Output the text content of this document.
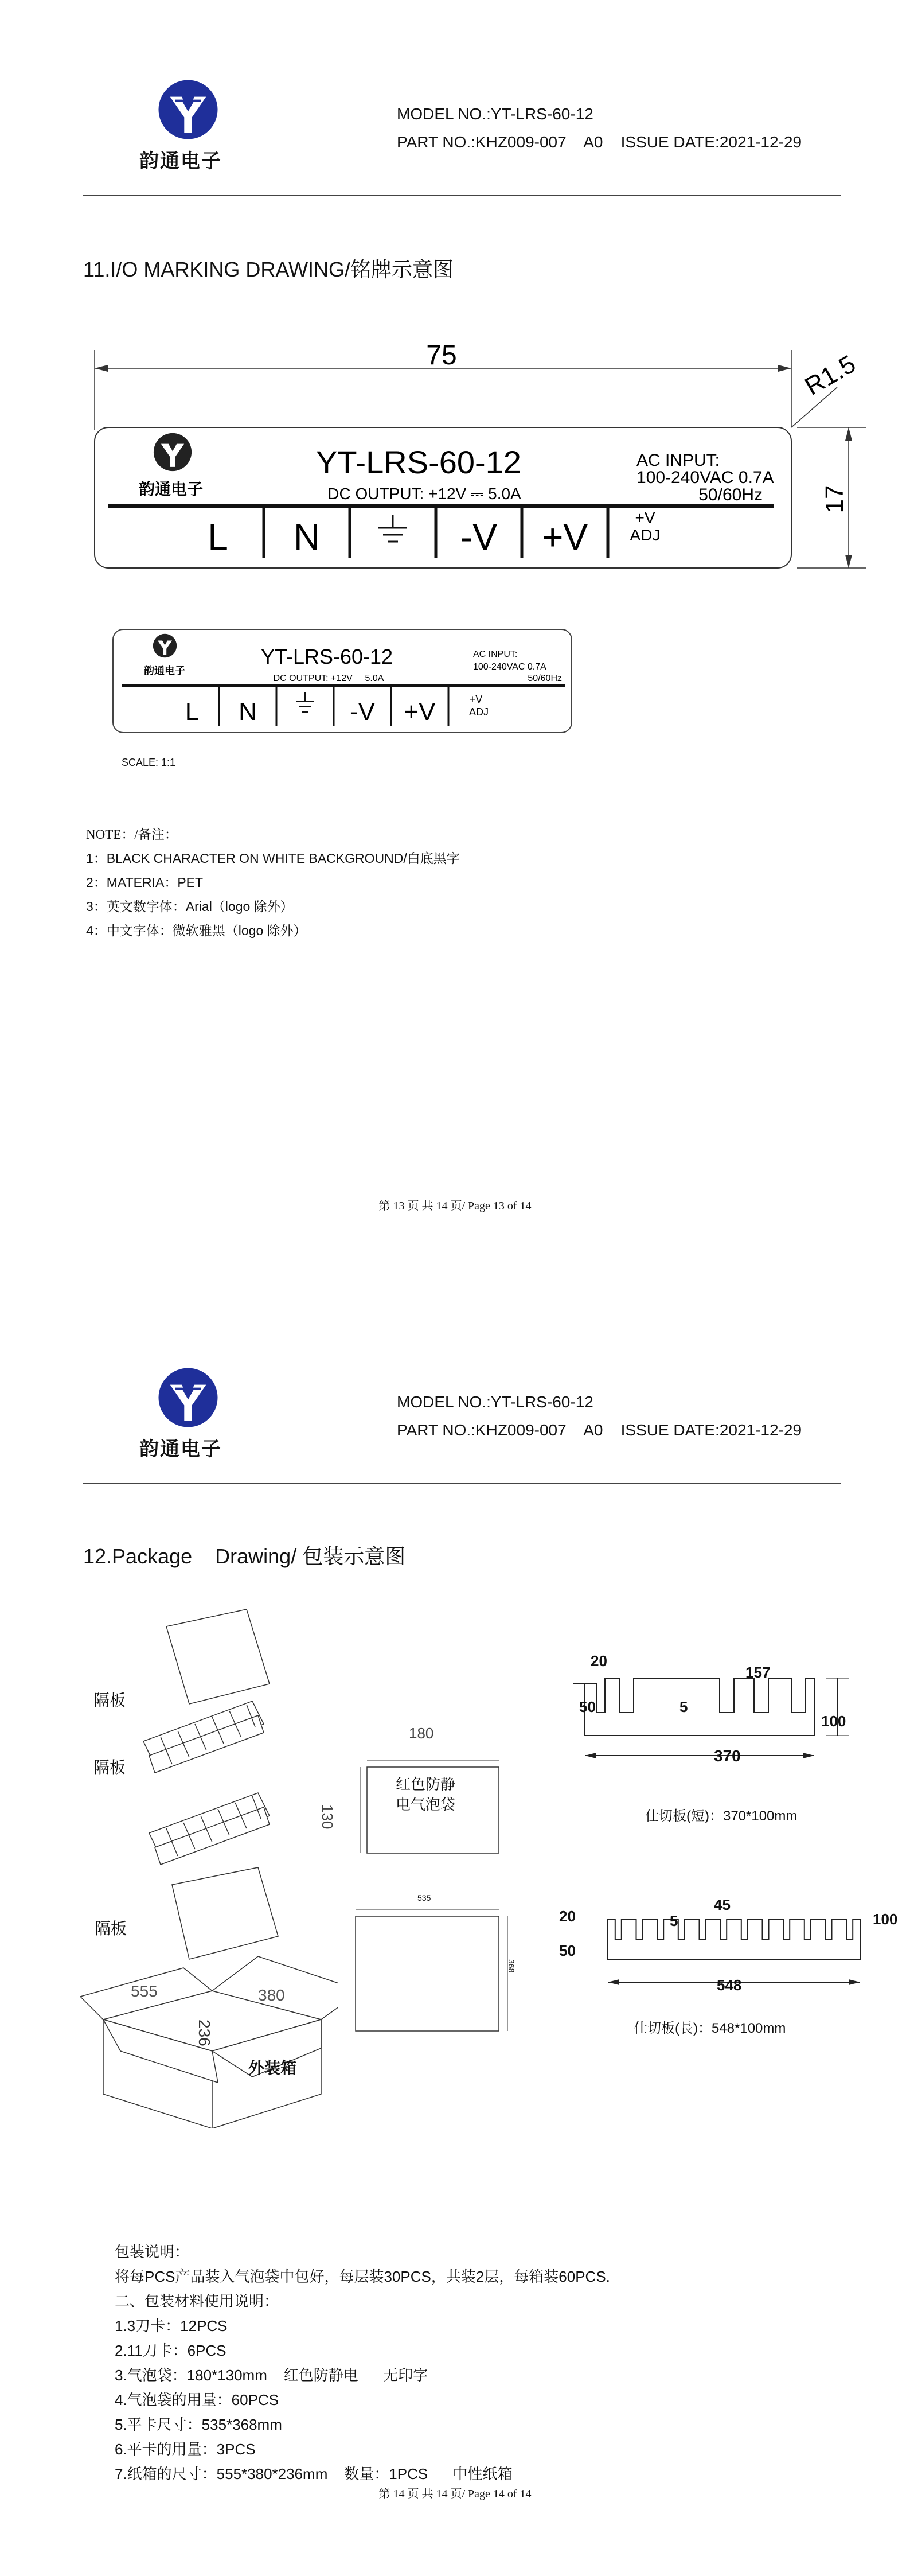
韵通电子
MODEL NO.:YT-LRS-60-12
PART NO.:KHZ009-007    A0    ISSUE DATE:2021-12-29
11.I/O MARKING DRAWING/铭牌示意图
75	R1.5
17
韵通电子
YT-LRS-60-12
DC OUTPUT: +12V ⎓ 5.0A
AC INPUT:
100-240VAC 0.7A
50/60Hz
L N	-V +V	+V
ADJ
韵通电子
YT-LRS-60-12
DC OUTPUT: +12V ⎓ 5.0A
AC INPUT:
100-240VAC 0.7A
50/60Hz
L N	-V +V	+V
ADJ
SCALE: 1:1
NOTE：/备注：
1：BLACK CHARACTER ON WHITE BACKGROUND/白底黑字
2：MATERIA：PET
3：英文数字体：Arial（logo 除外）
4：中文字体：微软雅黑（logo 除外）
第 13 页 共 14 页/ Page 13 of 14
韵通电子
MODEL NO.:YT-LRS-60-12
PART NO.:KHZ009-007    A0    ISSUE DATE:2021-12-29
12.Package    Drawing/ 包装示意图
隔板
隔板
隔板
555	380
236
外装箱
180
130
红色防静
电气泡袋
535
368
20
50	5
157
100
370
仕切板(短)：370*100mm
20	5
45
100
50
548
仕切板(長)：548*100mm
包装说明：
将每PCS产品装入气泡袋中包好，每层装30PCS，共装2层，每箱装60PCS.
二、包装材料使用说明：
1.3刀卡：12PCS
2.11刀卡：6PCS
3.气泡袋：180*130mm    红色防静电      无印字
4.气泡袋的用量：60PCS
5.平卡尺寸：535*368mm
6.平卡的用量：3PCS
7.纸箱的尺寸：555*380*236mm    数量：1PCS      中性纸箱
第 14 页 共 14 页/ Page 14 of 14
